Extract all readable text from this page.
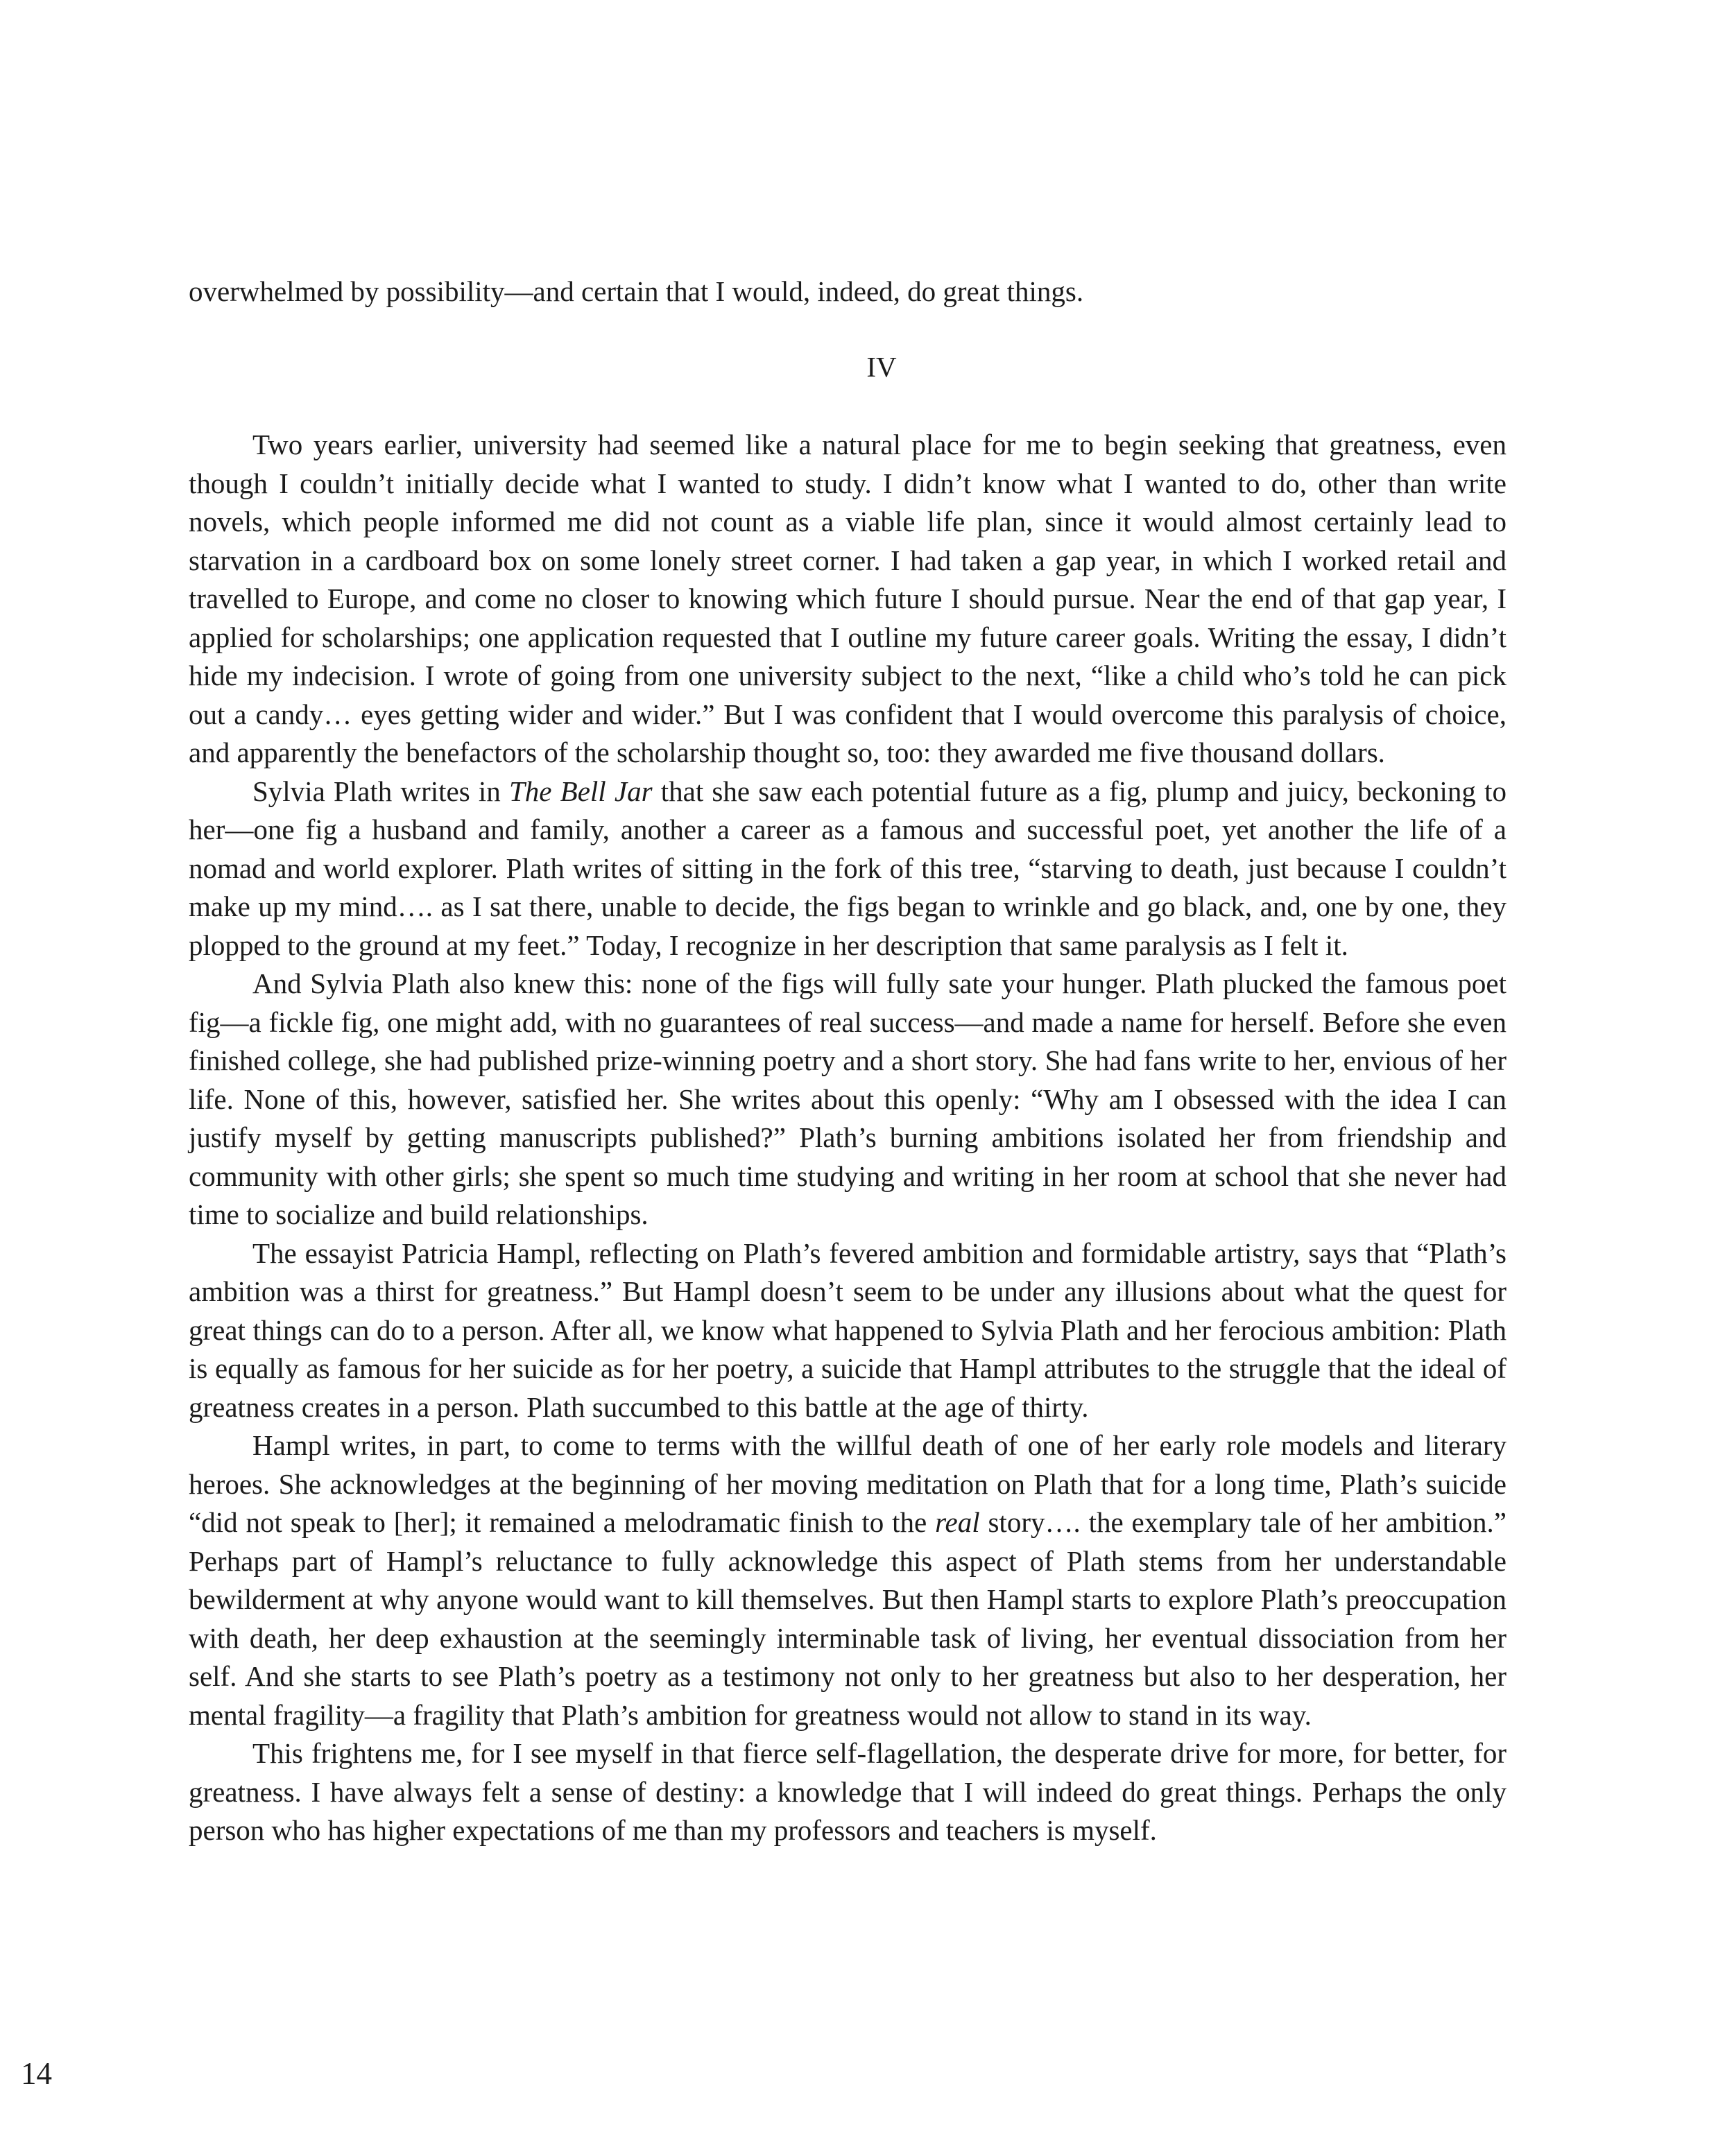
overwhelmed by possibility—and certain that I would, indeed, do great things.

IV

Two years earlier, university had seemed like a natural place for me to begin seeking that greatness, even though I couldn’t initially decide what I wanted to study. I didn’t know what I wanted to do, other than write novels, which people informed me did not count as a viable life plan, since it would almost certainly lead to starvation in a cardboard box on some lonely street corner. I had taken a gap year, in which I worked retail and travelled to Europe, and come no closer to knowing which future I should pursue. Near the end of that gap year, I applied for scholarships; one application requested that I outline my future career goals. Writing the essay, I didn’t hide my indecision. I wrote of going from one university subject to the next, “like a child who’s told he can pick out a candy… eyes getting wider and wider.” But I was confident that I would overcome this paralysis of choice, and apparently the benefactors of the scholarship thought so, too: they awarded me five thousand dollars.

Sylvia Plath writes in The Bell Jar that she saw each potential future as a fig, plump and juicy, beckoning to her—one fig a husband and family, another a career as a famous and successful poet, yet another the life of a nomad and world explorer. Plath writes of sitting in the fork of this tree, “starving to death, just because I couldn’t make up my mind…. as I sat there, unable to decide, the figs began to wrinkle and go black, and, one by one, they plopped to the ground at my feet.” Today, I recognize in her description that same paralysis as I felt it.

And Sylvia Plath also knew this: none of the figs will fully sate your hunger. Plath plucked the famous poet fig—a fickle fig, one might add, with no guarantees of real success—and made a name for herself. Before she even finished college, she had published prize-winning poetry and a short story. She had fans write to her, envious of her life. None of this, however, satisfied her. She writes about this openly: “Why am I obsessed with the idea I can justify myself by getting manuscripts published?” Plath’s burning ambitions isolated her from friendship and community with other girls; she spent so much time studying and writing in her room at school that she never had time to socialize and build relationships.

The essayist Patricia Hampl, reflecting on Plath’s fevered ambition and formidable artistry, says that “Plath’s ambition was a thirst for greatness.” But Hampl doesn’t seem to be under any illusions about what the quest for great things can do to a person. After all, we know what happened to Sylvia Plath and her ferocious ambition: Plath is equally as famous for her suicide as for her poetry, a suicide that Hampl attributes to the struggle that the ideal of greatness creates in a person. Plath succumbed to this battle at the age of thirty.

Hampl writes, in part, to come to terms with the willful death of one of her early role models and literary heroes. She acknowledges at the beginning of her moving meditation on Plath that for a long time, Plath’s suicide “did not speak to [her]; it remained a melodramatic finish to the real story…. the exemplary tale of her ambition.” Perhaps part of Hampl’s reluctance to fully acknowledge this aspect of Plath stems from her understandable bewilderment at why anyone would want to kill themselves. But then Hampl starts to explore Plath’s preoccupation with death, her deep exhaustion at the seemingly interminable task of living, her eventual dissociation from her self. And she starts to see Plath’s poetry as a testimony not only to her greatness but also to her desperation, her mental fragility—a fragility that Plath’s ambition for greatness would not allow to stand in its way.

This frightens me, for I see myself in that fierce self-flagellation, the desperate drive for more, for better, for greatness. I have always felt a sense of destiny: a knowledge that I will indeed do great things. Perhaps the only person who has higher expectations of me than my professors and teachers is myself.

14
